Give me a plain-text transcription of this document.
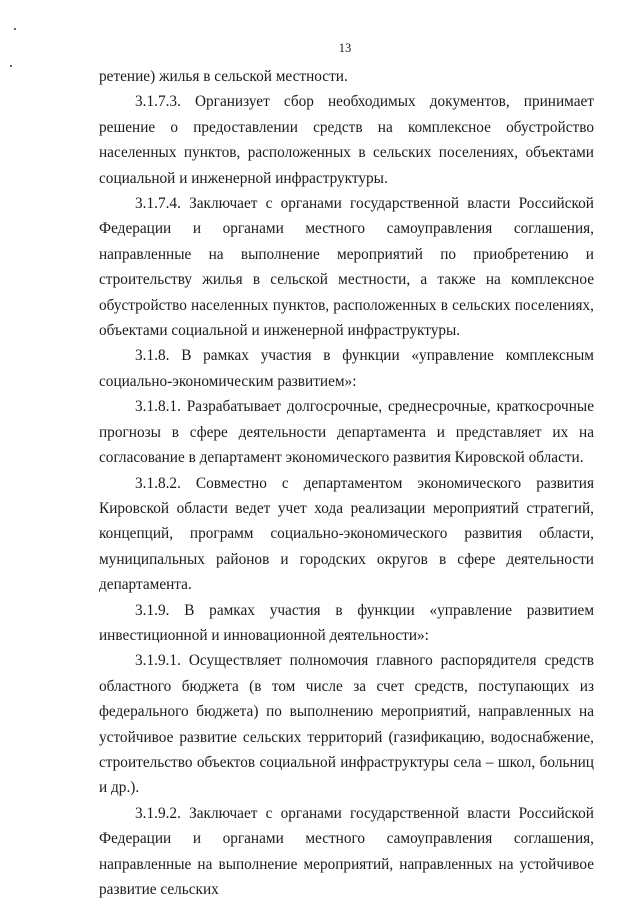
13

ретение) жилья в сельской местности.

3.1.7.3. Организует сбор необходимых документов, принимает решение о предоставлении средств на комплексное обустройство населенных пунктов, расположенных в сельских поселениях, объектами социальной и инженерной инфраструктуры.

3.1.7.4. Заключает с органами государственной власти Российской Федерации и органами местного самоуправления соглашения, направленные на выполнение мероприятий по приобретению и строительству жилья в сельской местности, а также на комплексное обустройство населенных пунктов, расположенных в сельских поселениях, объектами социальной и инженерной инфраструктуры.

3.1.8. В рамках участия в функции «управление комплексным социально-экономическим развитием»:

3.1.8.1. Разрабатывает долгосрочные, среднесрочные, краткосрочные прогнозы в сфере деятельности департамента и представляет их на согласование в департамент экономического развития Кировской области.

3.1.8.2. Совместно с департаментом экономического развития Кировской области ведет учет хода реализации мероприятий стратегий, концепций, программ социально-экономического развития области, муниципальных районов и городских округов в сфере деятельности департамента.

3.1.9. В рамках участия в функции «управление развитием инвестиционной и инновационной деятельности»:

3.1.9.1. Осуществляет полномочия главного распорядителя средств областного бюджета (в том числе за счет средств, поступающих из федерального бюджета) по выполнению мероприятий, направленных на устойчивое развитие сельских территорий (газификацию, водоснабжение, строительство объектов социальной инфраструктуры села – школ, больниц и др.).

3.1.9.2. Заключает с органами государственной власти Российской Федерации и органами местного самоуправления соглашения, направленные на выполнение мероприятий, направленных на устойчивое развитие сельских
